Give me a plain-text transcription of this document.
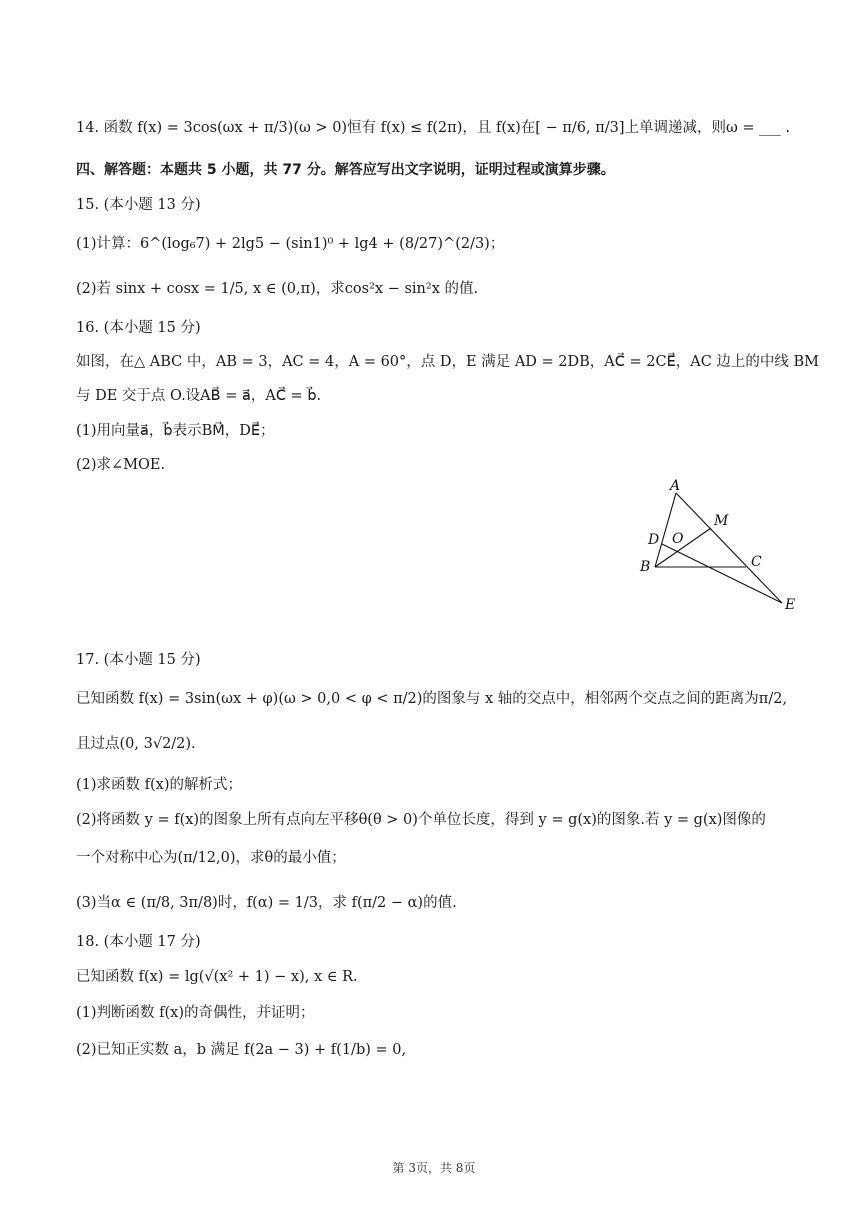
14. 函数 f(x) = 3cos(ωx + π/3)(ω > 0)恒有 f(x) ≤ f(2π)，且 f(x)在[ − π/6, π/3]上单调递减，则ω = ___ .
四、解答题：本题共 5 小题，共 77 分。解答应写出文字说明，证明过程或演算步骤。
15. (本小题 13 分)
(1)计算：6^(log₆7) + 2lg5 − (sin1)⁰ + lg4 + (8/27)^(2/3)；
(2)若 sinx + cosx = 1/5, x ∈ (0,π)，求cos²x − sin²x 的值.
16. (本小题 15 分)
如图，在△ ABC 中，AB = 3，AC = 4，A = 60°，点 D，E 满足 AD = 2DB，AC⃗ = 2CE⃗，AC 边上的中线 BM
与 DE 交于点 O.设AB⃗ = a⃗，AC⃗ = b⃗.
(1)用向量a⃗，b⃗表示BM⃗，DE⃗；
(2)求∠MOE.
A
M
D O
B	C
E
17. (本小题 15 分)
已知函数 f(x) = 3sin(ωx + φ)(ω > 0,0 < φ < π/2)的图象与 x 轴的交点中，相邻两个交点之间的距离为π/2,
且过点(0, 3√2/2).
(1)求函数 f(x)的解析式；
(2)将函数 y = f(x)的图象上所有点向左平移θ(θ > 0)个单位长度，得到 y = g(x)的图象.若 y = g(x)图像的
一个对称中心为(π/12,0)，求θ的最小值；
(3)当α ∈ (π/8, 3π/8)时，f(α) = 1/3，求 f(π/2 − α)的值.
18. (本小题 17 分)
已知函数 f(x) = lg(√(x² + 1) − x), x ∈ R.
(1)判断函数 f(x)的奇偶性，并证明；
(2)已知正实数 a，b 满足 f(2a − 3) + f(1/b) = 0,
第 3页，共 8页
